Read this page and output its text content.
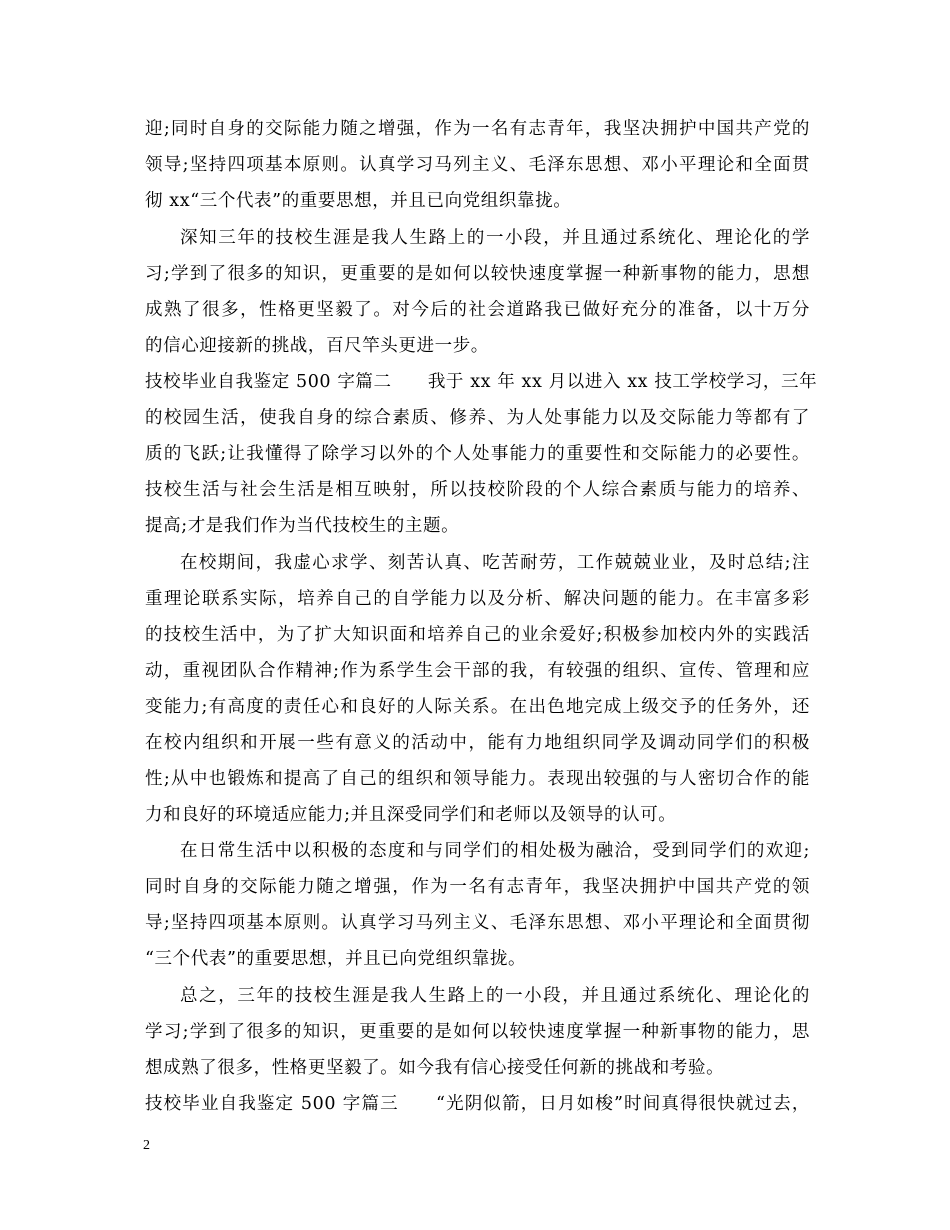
迎;同时自身的交际能力随之增强，作为一名有志青年，我坚决拥护中国共产党的
领导;坚持四项基本原则。认真学习马列主义、毛泽东思想、邓小平理论和全面贯
彻 xx“三个代表”的重要思想，并且已向党组织靠拢。
深知三年的技校生涯是我人生路上的一小段，并且通过系统化、理论化的学
习;学到了很多的知识，更重要的是如何以较快速度掌握一种新事物的能力，思想
成熟了很多，性格更坚毅了。对今后的社会道路我已做好充分的准备，以十万分
的信心迎接新的挑战，百尺竿头更进一步。
技校毕业自我鉴定 500 字篇二　　我于 xx 年 xx 月以进入 xx 技工学校学习，三年
的校园生活，使我自身的综合素质、修养、为人处事能力以及交际能力等都有了
质的飞跃;让我懂得了除学习以外的个人处事能力的重要性和交际能力的必要性。
技校生活与社会生活是相互映射，所以技校阶段的个人综合素质与能力的培养、
提高;才是我们作为当代技校生的主题。
在校期间，我虚心求学、刻苦认真、吃苦耐劳，工作兢兢业业，及时总结;注
重理论联系实际，培养自己的自学能力以及分析、解决问题的能力。在丰富多彩
的技校生活中，为了扩大知识面和培养自己的业余爱好;积极参加校内外的实践活
动，重视团队合作精神;作为系学生会干部的我，有较强的组织、宣传、管理和应
变能力;有高度的责任心和良好的人际关系。在出色地完成上级交予的任务外，还
在校内组织和开展一些有意义的活动中，能有力地组织同学及调动同学们的积极
性;从中也锻炼和提高了自己的组织和领导能力。表现出较强的与人密切合作的能
力和良好的环境适应能力;并且深受同学们和老师以及领导的认可。
在日常生活中以积极的态度和与同学们的相处极为融洽，受到同学们的欢迎;
同时自身的交际能力随之增强，作为一名有志青年，我坚决拥护中国共产党的领
导;坚持四项基本原则。认真学习马列主义、毛泽东思想、邓小平理论和全面贯彻
“三个代表”的重要思想，并且已向党组织靠拢。
总之，三年的技校生涯是我人生路上的一小段，并且通过系统化、理论化的
学习;学到了很多的知识，更重要的是如何以较快速度掌握一种新事物的能力，思
想成熟了很多，性格更坚毅了。如今我有信心接受任何新的挑战和考验。
技校毕业自我鉴定 500 字篇三　　“光阴似箭，日月如梭”时间真得很快就过去，
2
